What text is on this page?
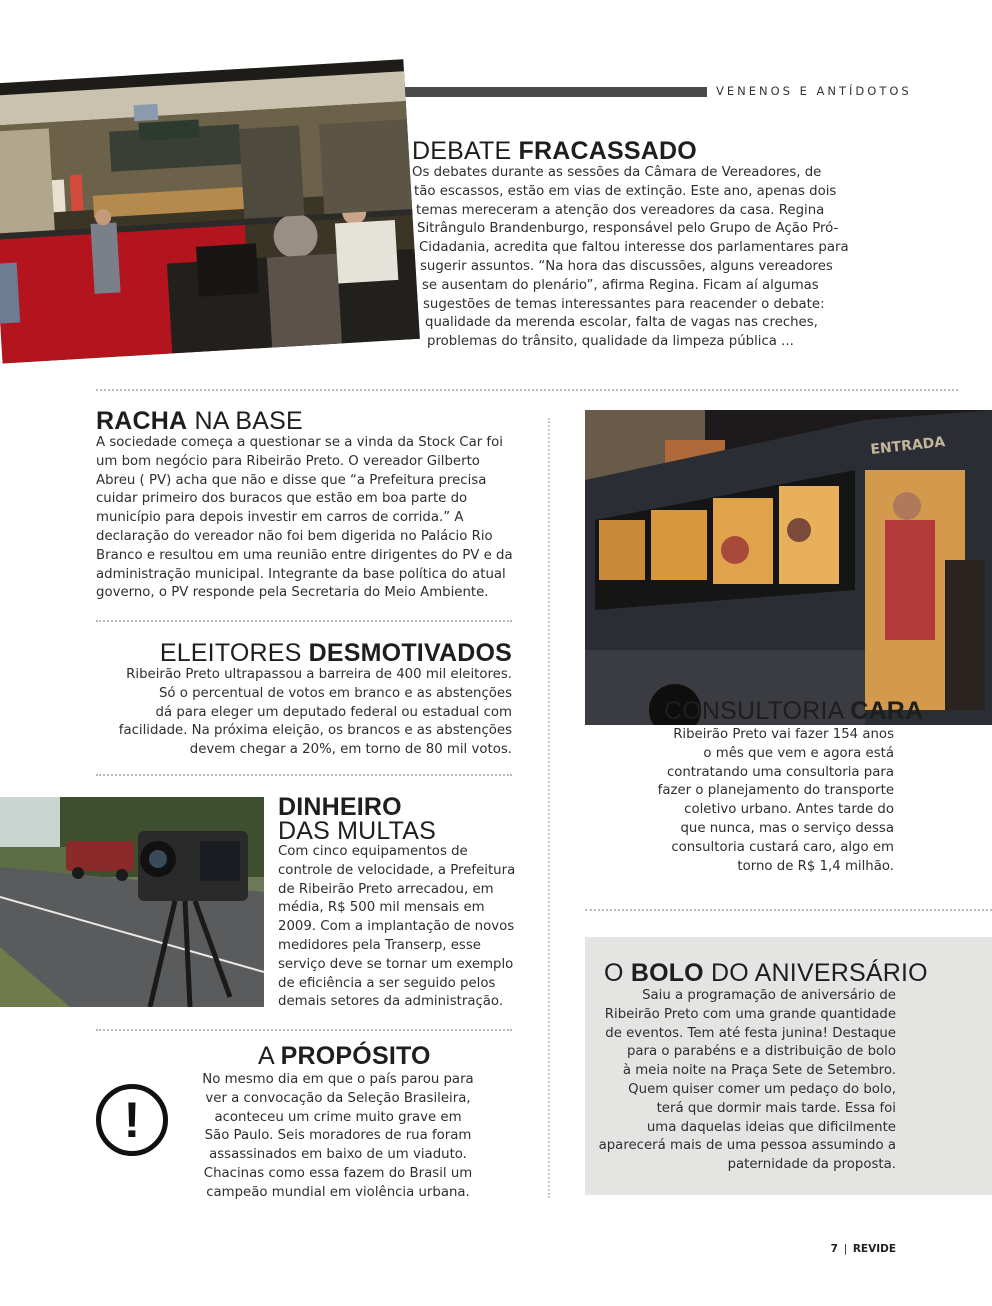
VENENOS E ANTÍDOTOS
DEBATE FRACASSADO
Os debates durante as sessões da Câmara de Vereadores, de
tão escassos, estão em vias de extinção. Este ano, apenas dois
temas mereceram a atenção dos vereadores da casa. Regina
Sitrângulo Brandenburgo, responsável pelo Grupo de Ação Pró-
Cidadania, acredita que faltou interesse dos parlamentares para
sugerir assuntos. “Na hora das discussões, alguns vereadores
se ausentam do plenário”, afirma Regina. Ficam aí algumas
sugestões de temas interessantes para reacender o debate:
qualidade da merenda escolar, falta de vagas nas creches,
problemas do trânsito, qualidade da limpeza pública ...
RACHA NA BASE
A sociedade começa a questionar se a vinda da Stock Car foi
um bom negócio para Ribeirão Preto. O vereador Gilberto
Abreu ( PV) acha que não e disse que “a Prefeitura precisa
cuidar primeiro dos buracos que estão em boa parte do
município para depois investir em carros de corrida.” A
declaração do vereador não foi bem digerida no Palácio Rio
Branco e resultou em uma reunião entre dirigentes do PV e da
administração municipal. Integrante da base política do atual
governo, o PV responde pela Secretaria do Meio Ambiente.
ELEITORES DESMOTIVADOS
Ribeirão Preto ultrapassou a barreira de 400 mil eleitores.
Só o percentual de votos em branco e as abstenções
dá para eleger um deputado federal ou estadual com
facilidade. Na próxima eleição, os brancos e as abstenções
devem chegar a 20%, em torno de 80 mil votos.
DINHEIRO
DAS MULTAS
Com cinco equipamentos de
controle de velocidade, a Prefeitura
de Ribeirão Preto arrecadou, em
média, R$ 500 mil mensais em
2009. Com a implantação de novos
medidores pela Transerp, esse
serviço deve se tornar um exemplo
de eficiência a ser seguido pelos
demais setores da administração.
A PROPÓSITO
!
No mesmo dia em que o país parou para
ver a convocação da Seleção Brasileira,
aconteceu um crime muito grave em
São Paulo. Seis moradores de rua foram
assassinados em baixo de um viaduto.
Chacinas como essa fazem do Brasil um
campeão mundial em violência urbana.
ENTRADA
CONSULTORIA CARA
Ribeirão Preto vai fazer 154 anos
o mês que vem e agora está
contratando uma consultoria para
fazer o planejamento do transporte
coletivo urbano. Antes tarde do
que nunca, mas o serviço dessa
consultoria custará caro, algo em
torno de R$ 1,4 milhão.
O BOLO DO ANIVERSÁRIO
Saiu a programação de aniversário de
Ribeirão Preto com uma grande quantidade
de eventos. Tem até festa junina! Destaque
para o parabéns e a distribuição de bolo
à meia noite na Praça Sete de Setembro.
Quem quiser comer um pedaço do bolo,
terá que dormir mais tarde. Essa foi
uma daquelas ideias que dificilmente
aparecerá mais de uma pessoa assumindo a
paternidade da proposta.
7 | REVIDE
